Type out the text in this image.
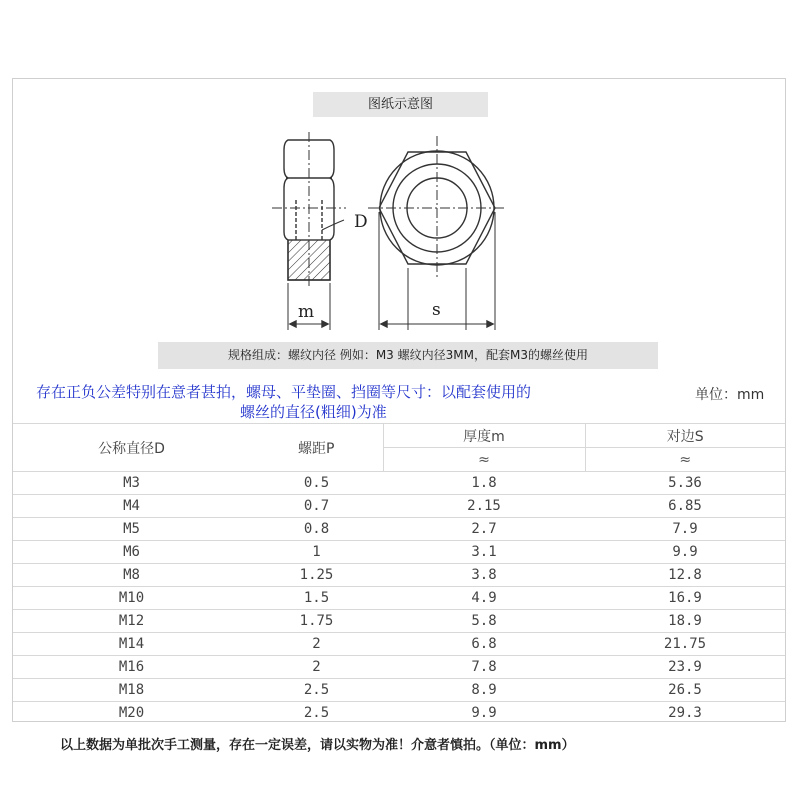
图纸示意图
D
m	s
规格组成：螺纹内径 例如：M3 螺纹内径3MM，配套M3的螺丝使用
存在正负公差特别在意者甚拍，螺母、平垫圈、挡圈等尺寸：以配套使用的
螺丝的直径(粗细)为准
单位：mm
公称直径D	螺距P	厚度m	对边S
		≈	≈
M3	0.5	1.8	5.36
M4	0.7	2.15	6.85
M5	0.8	2.7	7.9
M6	1	3.1	9.9
M8	1.25	3.8	12.8
M10	1.5	4.9	16.9
M12	1.75	5.8	18.9
M14	2	6.8	21.75
M16	2	7.8	23.9
M18	2.5	8.9	26.5
M20	2.5	9.9	29.3
以上数据为单批次手工测量，存在一定误差，请以实物为准！介意者慎拍。（单位：mm）
